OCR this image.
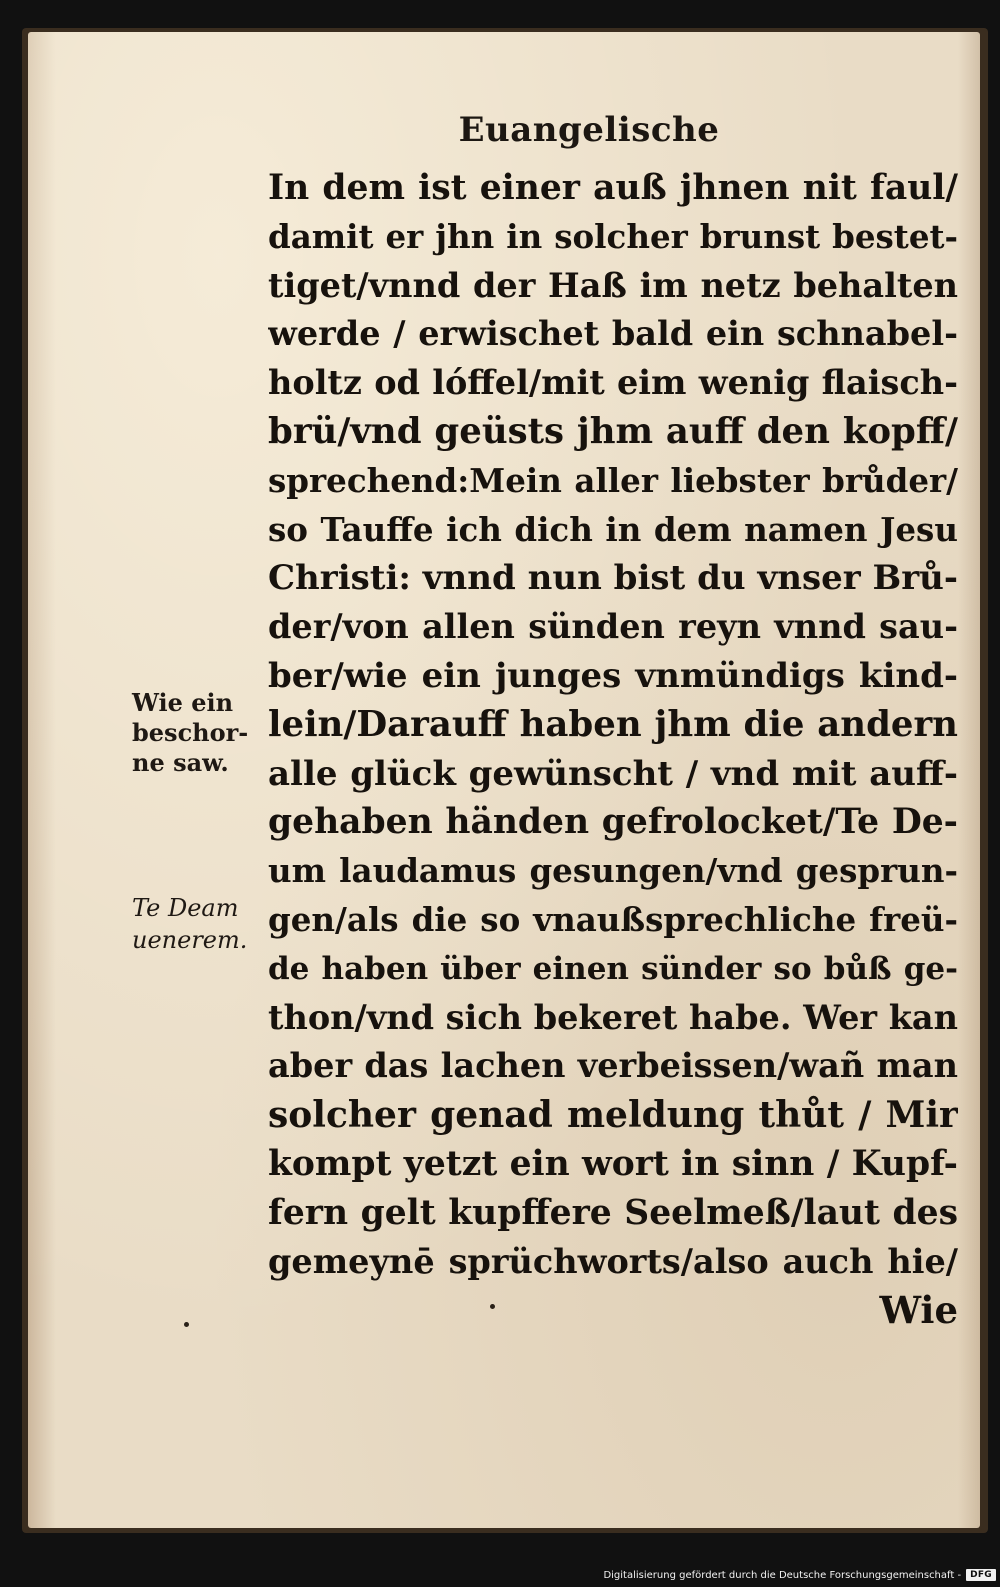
Euangelische
In dem ist einer auß jhnen nit faul/
damit er jhn in solcher brunst bestet-
tiget/vnnd der Haß im netz behalten
werde / erwischet bald ein schnabel-
holtz od lóffel/mit eim wenig flaisch-
brü/vnd geüsts jhm auff den kopff/
sprechend:Mein aller liebster brůder/
so Tauffe ich dich in dem namen Jesu
Christi: vnnd nun bist du vnser Brů-
der/von allen sünden reyn vnnd sau-
ber/wie ein junges vnmündigs kind-
lein/Darauff haben jhm die andern
alle glück gewünscht / vnd mit auff-
gehaben händen gefrolocket/Te De-
um laudamus gesungen/vnd gesprun-
gen/als die so vnaußsprechliche freü-
de haben über einen sünder so bůß ge-
thon/vnd sich bekeret habe. Wer kan
aber das lachen verbeissen/wañ man
solcher genad meldung thůt / Mir
kompt yetzt ein wort in sinn / Kupf-
fern gelt kupffere Seelmeß/laut des
gemeynē sprüchworts/also auch hie/
Wie
Wie ein
beschor-
ne saw.
Te Deam
uenerem.
Digitalisierung gefördert durch die Deutsche Forschungsgemeinschaft -	DFG
